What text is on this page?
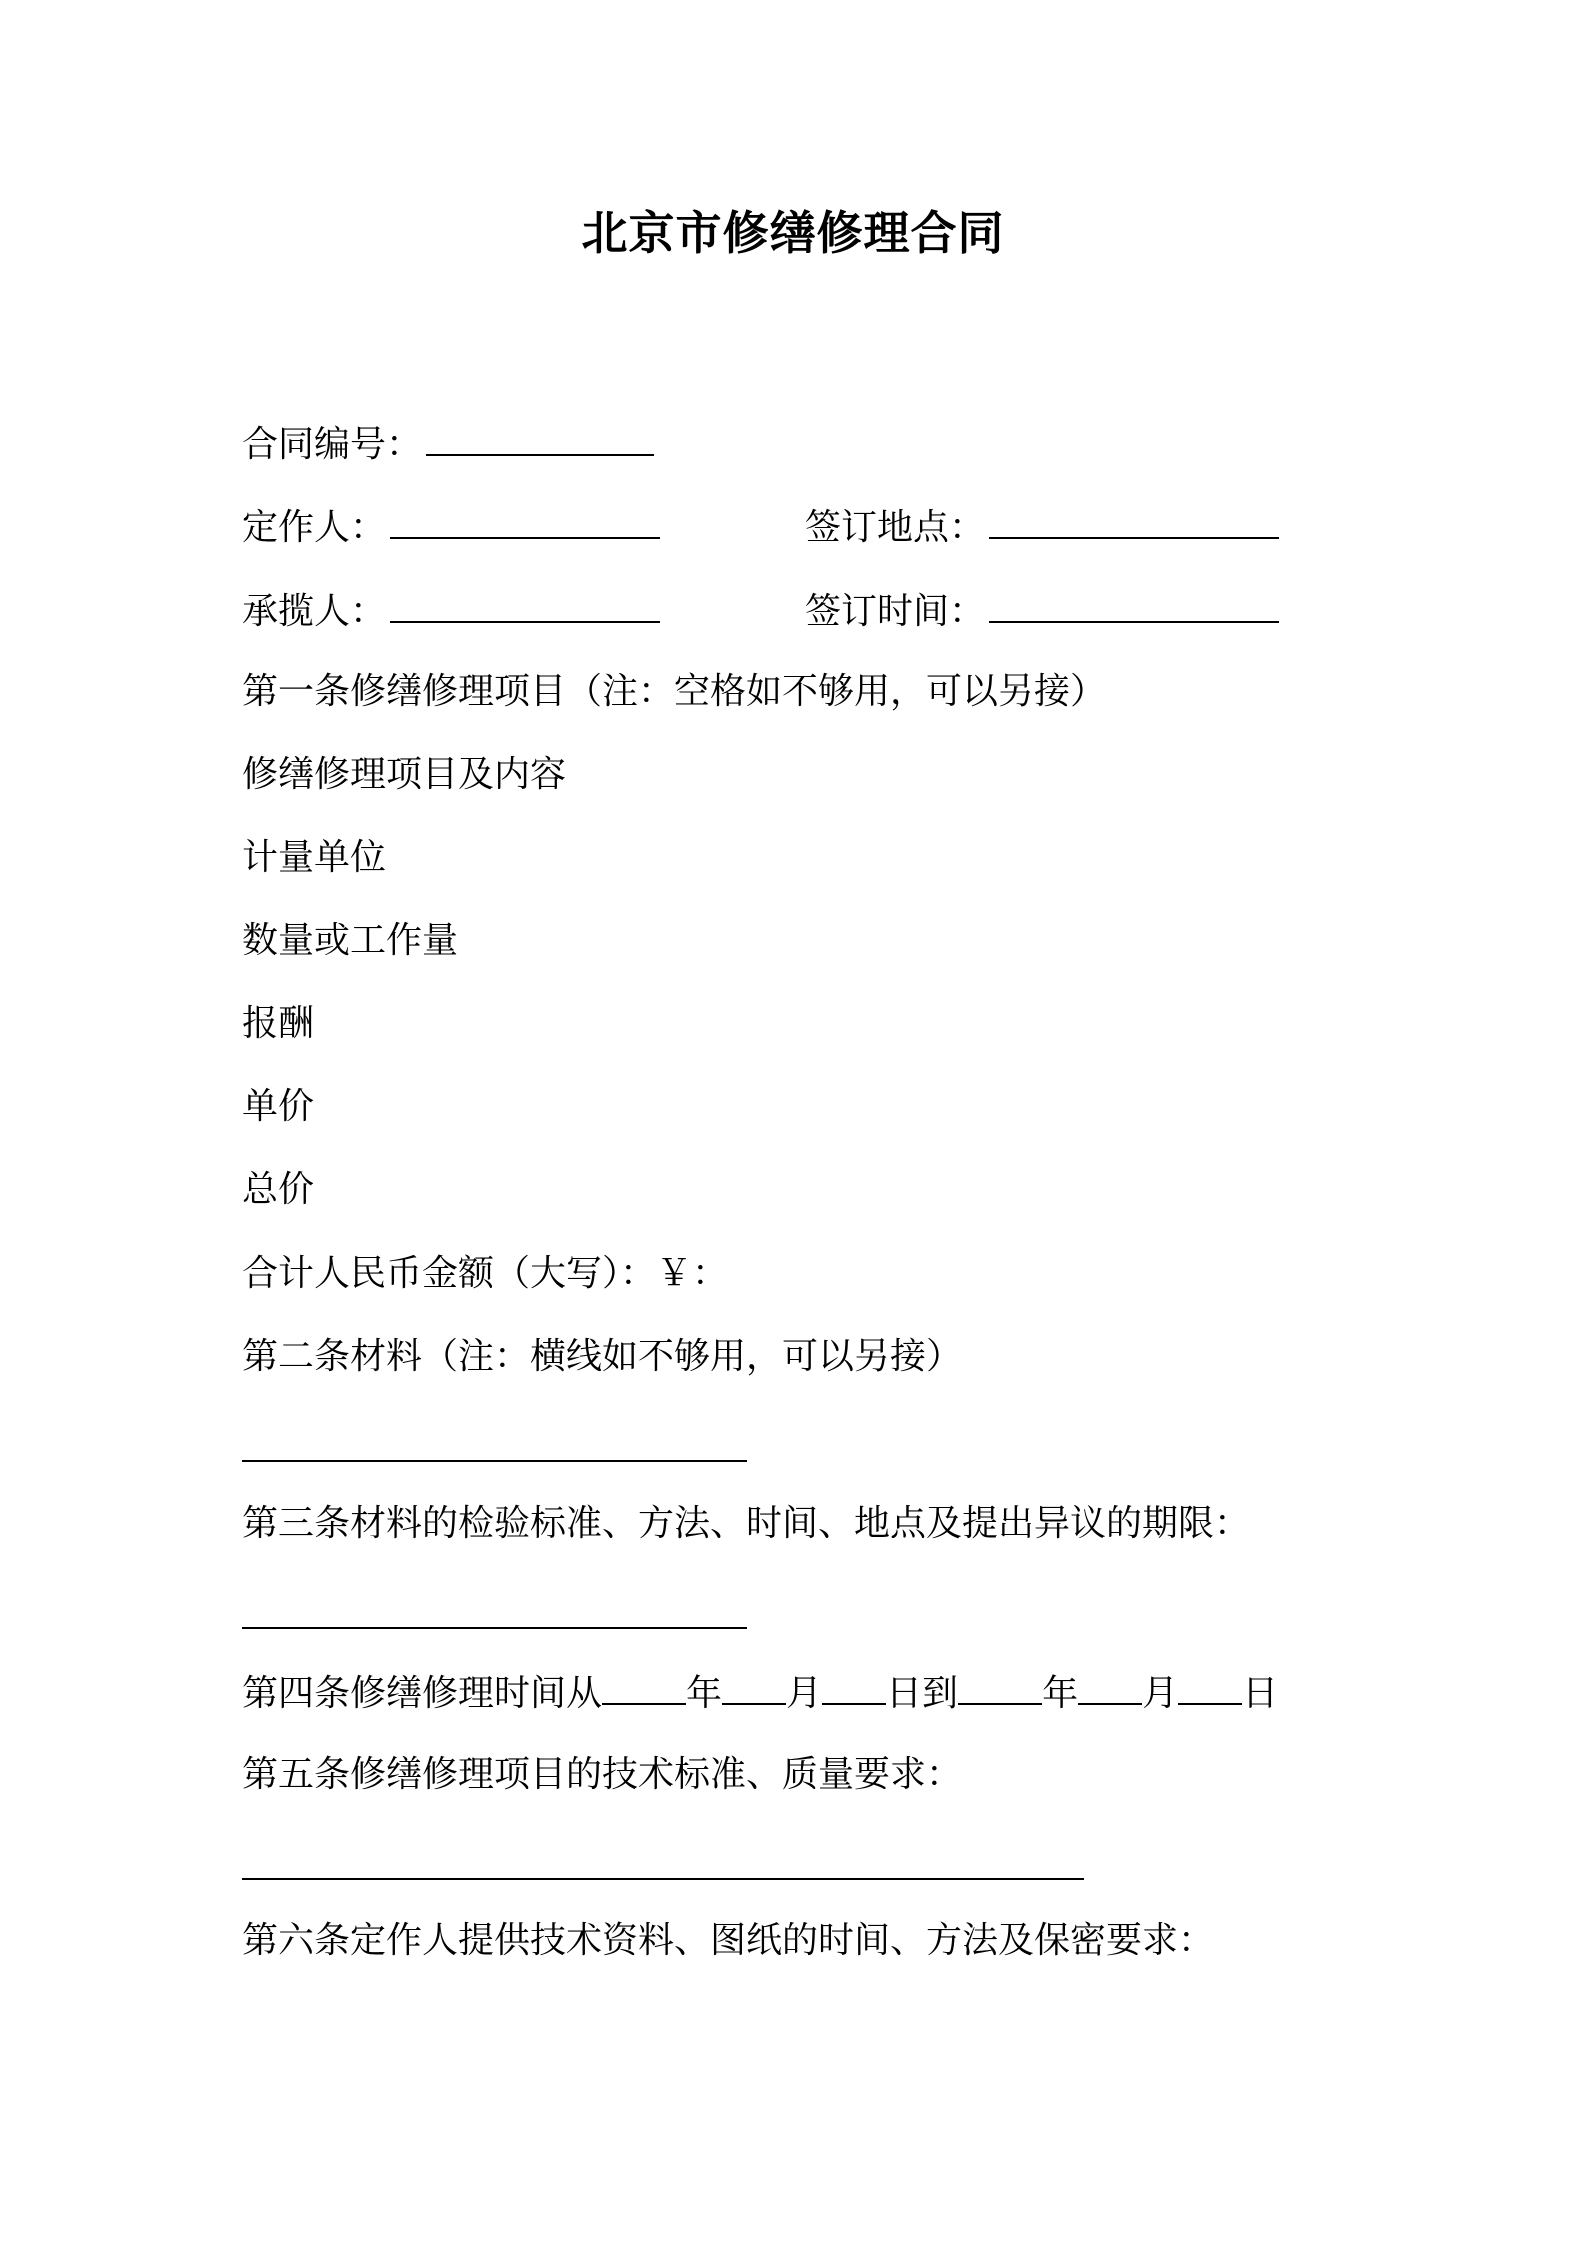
北京市修缮修理合同
合同编号：
定作人：	签订地点：
承揽人：	签订时间：
第一条修缮修理项目（注：空格如不够用，可以另接）
修缮修理项目及内容
计量单位
数量或工作量
报酬
单价
总价
合计人民币金额（大写）：￥：
第二条材料（注：横线如不够用，可以另接）
第三条材料的检验标准、方法、时间、地点及提出异议的期限：
第四条修缮修理时间从 年 月 日到 年 月 日
第五条修缮修理项目的技术标准、质量要求：
第六条定作人提供技术资料、图纸的时间、方法及保密要求：
